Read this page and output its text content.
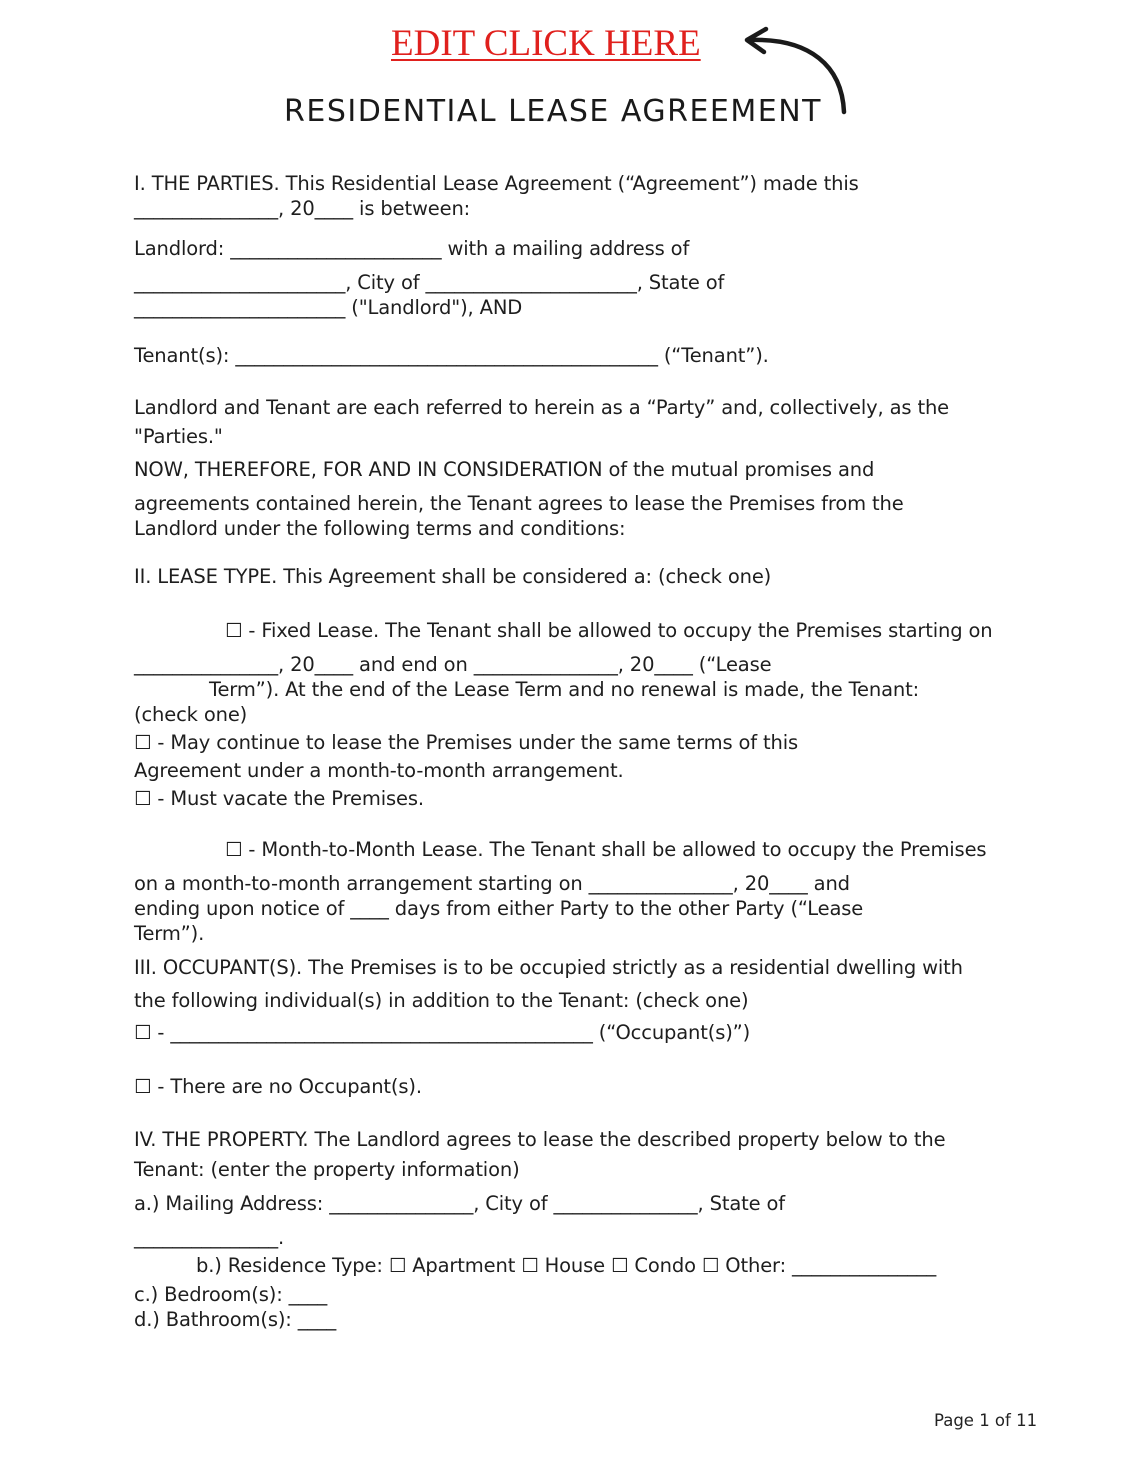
EDIT CLICK HERE
RESIDENTIAL LEASE AGREEMENT
I. THE PARTIES. This Residential Lease Agreement (“Agreement”) made this
_______________, 20____ is between:
Landlord: ______________________ with a mailing address of
______________________, City of ______________________, State of
______________________ ("Landlord"), AND
Tenant(s): ____________________________________________ (“Tenant”).
Landlord and Tenant are each referred to herein as a “Party” and, collectively, as the
"Parties."
NOW, THEREFORE, FOR AND IN CONSIDERATION of the mutual promises and
agreements contained herein, the Tenant agrees to lease the Premises from the
Landlord under the following terms and conditions:
II. LEASE TYPE. This Agreement shall be considered a: (check one)
☐ - Fixed Lease. The Tenant shall be allowed to occupy the Premises starting on
_______________, 20____ and end on _______________, 20____ (“Lease
Term”). At the end of the Lease Term and no renewal is made, the Tenant:
(check one)
☐ - May continue to lease the Premises under the same terms of this
Agreement under a month-to-month arrangement.
☐ - Must vacate the Premises.
☐ - Month-to-Month Lease. The Tenant shall be allowed to occupy the Premises
on a month-to-month arrangement starting on _______________, 20____ and
ending upon notice of ____ days from either Party to the other Party (“Lease
Term”).
III. OCCUPANT(S). The Premises is to be occupied strictly as a residential dwelling with
the following individual(s) in addition to the Tenant: (check one)
☐ - ____________________________________________ (“Occupant(s)”)
☐ - There are no Occupant(s).
IV. THE PROPERTY. The Landlord agrees to lease the described property below to the
Tenant: (enter the property information)
a.) Mailing Address: _______________, City of _______________, State of
_______________.
b.) Residence Type: ☐ Apartment ☐ House ☐ Condo ☐ Other: _______________
c.) Bedroom(s): ____
d.) Bathroom(s): ____
Page 1 of 11
